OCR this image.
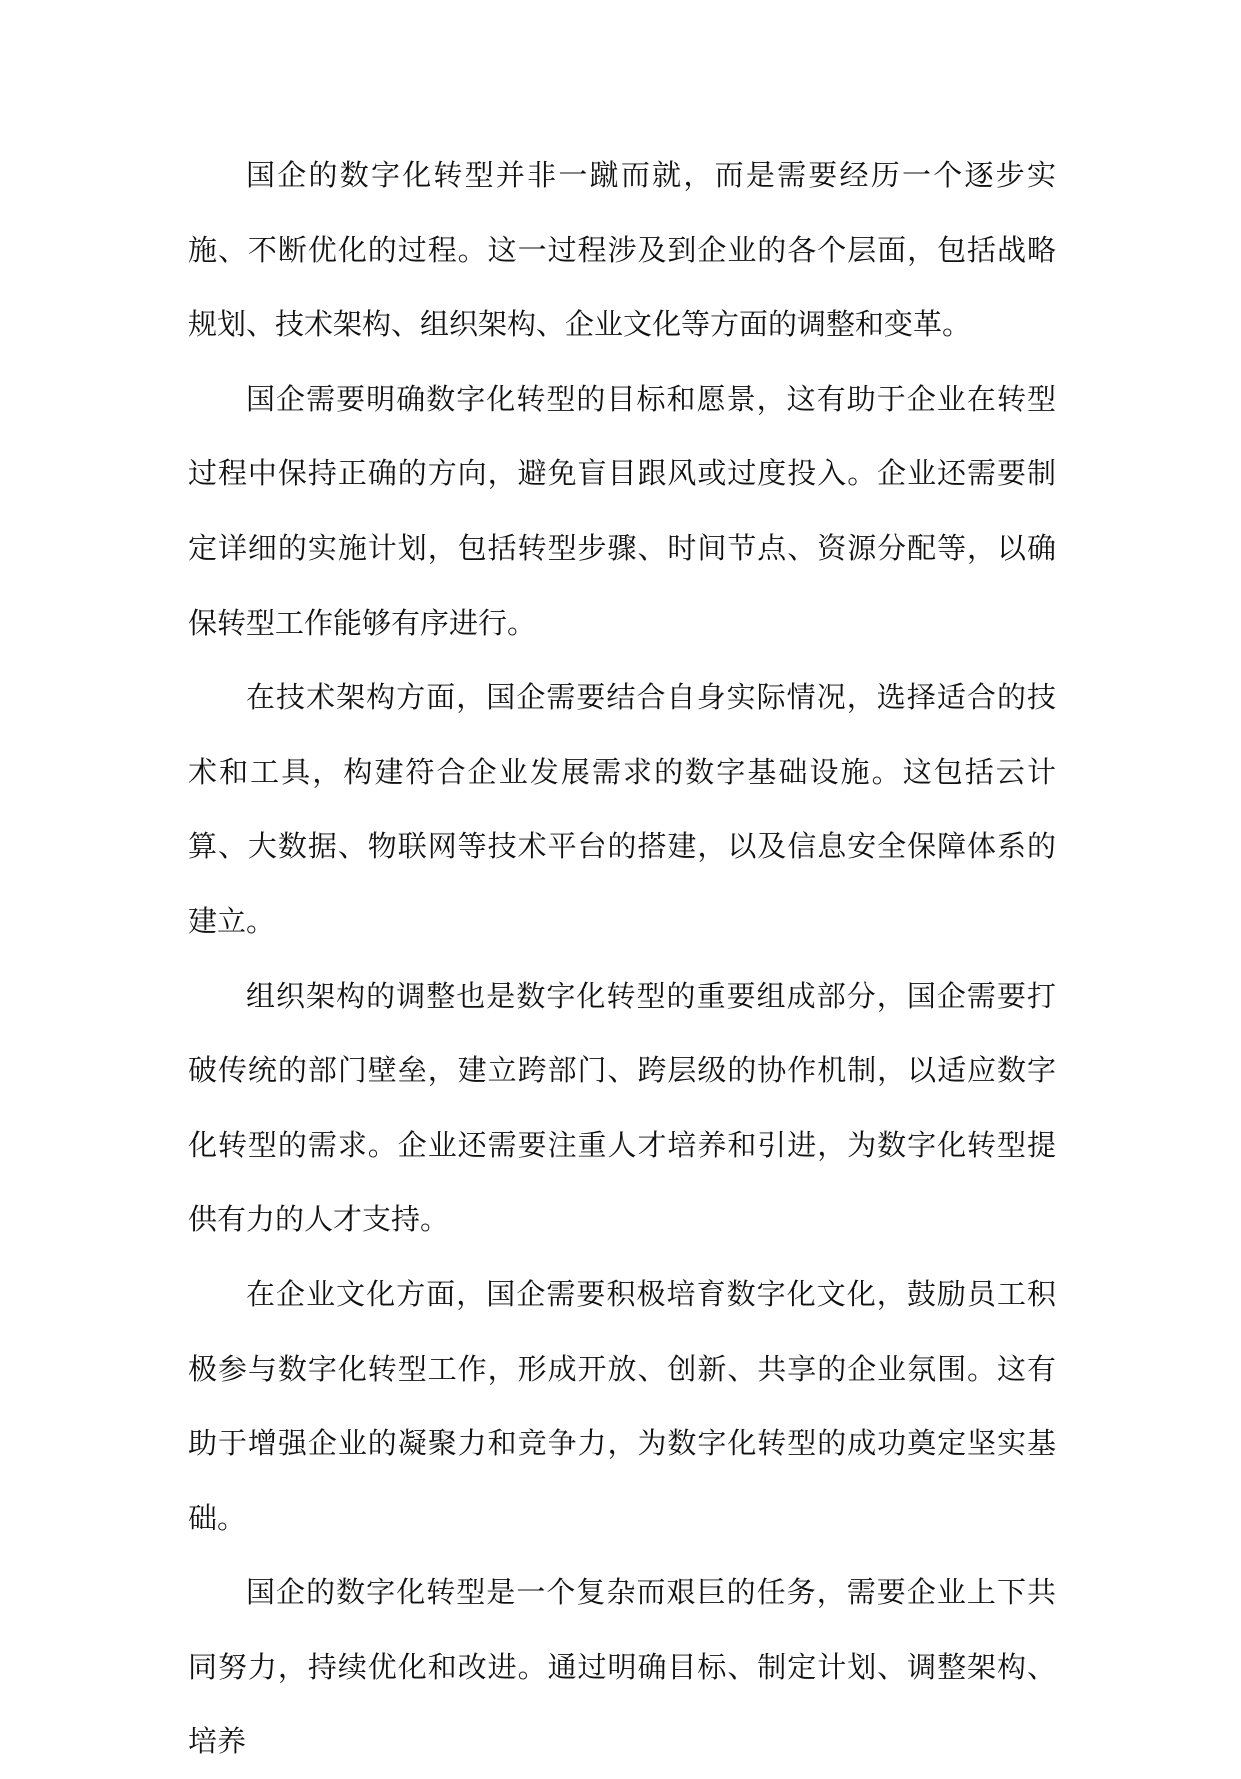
国企的数字化转型并非一蹴而就，而是需要经历一个逐步实施、不断优化的过程。这一过程涉及到企业的各个层面，包括战略规划、技术架构、组织架构、企业文化等方面的调整和变革。

国企需要明确数字化转型的目标和愿景，这有助于企业在转型过程中保持正确的方向，避免盲目跟风或过度投入。企业还需要制定详细的实施计划，包括转型步骤、时间节点、资源分配等，以确保转型工作能够有序进行。

在技术架构方面，国企需要结合自身实际情况，选择适合的技术和工具，构建符合企业发展需求的数字基础设施。这包括云计算、大数据、物联网等技术平台的搭建，以及信息安全保障体系的建立。

组织架构的调整也是数字化转型的重要组成部分，国企需要打破传统的部门壁垒，建立跨部门、跨层级的协作机制，以适应数字化转型的需求。企业还需要注重人才培养和引进，为数字化转型提供有力的人才支持。

在企业文化方面，国企需要积极培育数字化文化，鼓励员工积极参与数字化转型工作，形成开放、创新、共享的企业氛围。这有助于增强企业的凝聚力和竞争力，为数字化转型的成功奠定坚实基础。

国企的数字化转型是一个复杂而艰巨的任务，需要企业上下共同努力，持续优化和改进。通过明确目标、制定计划、调整架构、培养
